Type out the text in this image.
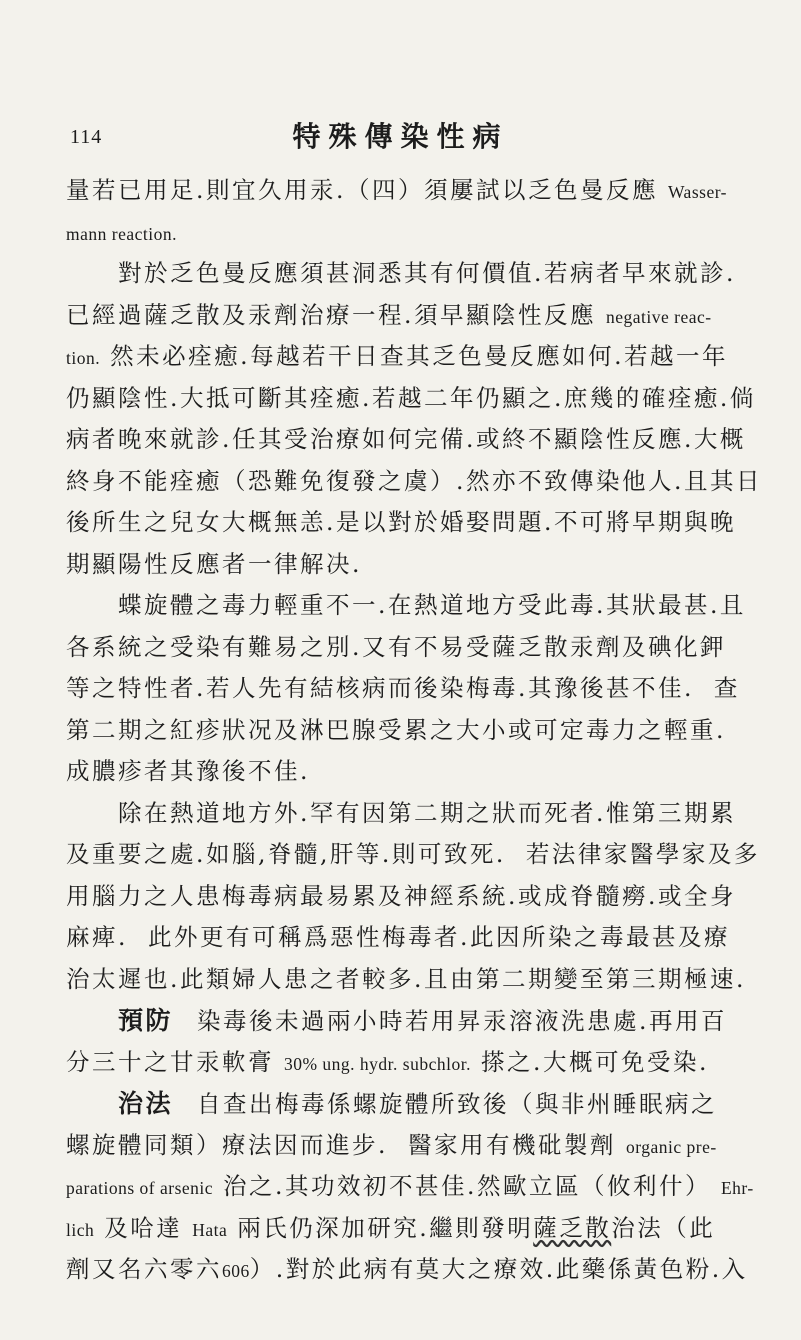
114	特殊傳染性病
量若已用足.則宜久用汞.（四）須屢試以乏色曼反應 Wasser-
mann reaction.
對於乏色曼反應須甚洞悉其有何價值.若病者早來就診.
已經過薩乏散及汞劑治療一程.須早顯陰性反應 negative reac-
tion. 然未必痊癒.每越若干日查其乏色曼反應如何.若越一年
仍顯陰性.大抵可斷其痊癒.若越二年仍顯之.庶幾的確痊癒.倘
病者晚來就診.任其受治療如何完備.或終不顯陰性反應.大概
終身不能痊癒（恐難免復發之虞）.然亦不致傳染他人.且其日
後所生之兒女大概無恙.是以對於婚娶問題.不可將早期與晚
期顯陽性反應者一律解决.
蝶旋體之毒力輕重不一.在熱道地方受此毒.其狀最甚.且
各系統之受染有難易之別.又有不易受薩乏散汞劑及碘化鉀
等之特性者.若人先有結核病而後染梅毒.其豫後甚不佳. 查
第二期之紅疹狀况及淋巴腺受累之大小或可定毒力之輕重.
成膿疹者其豫後不佳.
除在熱道地方外.罕有因第二期之狀而死者.惟第三期累
及重要之處.如腦,脊髓,肝等.則可致死. 若法律家醫學家及多
用腦力之人患梅毒病最易累及神經系統.或成脊髓癆.或全身
麻痺. 此外更有可稱爲惡性梅毒者.此因所染之毒最甚及療
治太遲也.此類婦人患之者較多.且由第二期變至第三期極速.
預防 染毒後未過兩小時若用昇汞溶液洗患處.再用百
分三十之甘汞軟膏 30% ung. hydr. subchlor. 搽之.大概可免受染.
治法 自查出梅毒係螺旋體所致後（與非州睡眠病之
螺旋體同類）療法因而進步. 醫家用有機砒製劑 organic pre-
parations of arsenic 治之.其功效初不甚佳.然歐立區（攸利什） Ehr-
lich 及哈達 Hata 兩氏仍深加研究.繼則發明薩乏散治法（此
劑又名六零六606）.對於此病有莫大之療效.此藥係黃色粉.入
